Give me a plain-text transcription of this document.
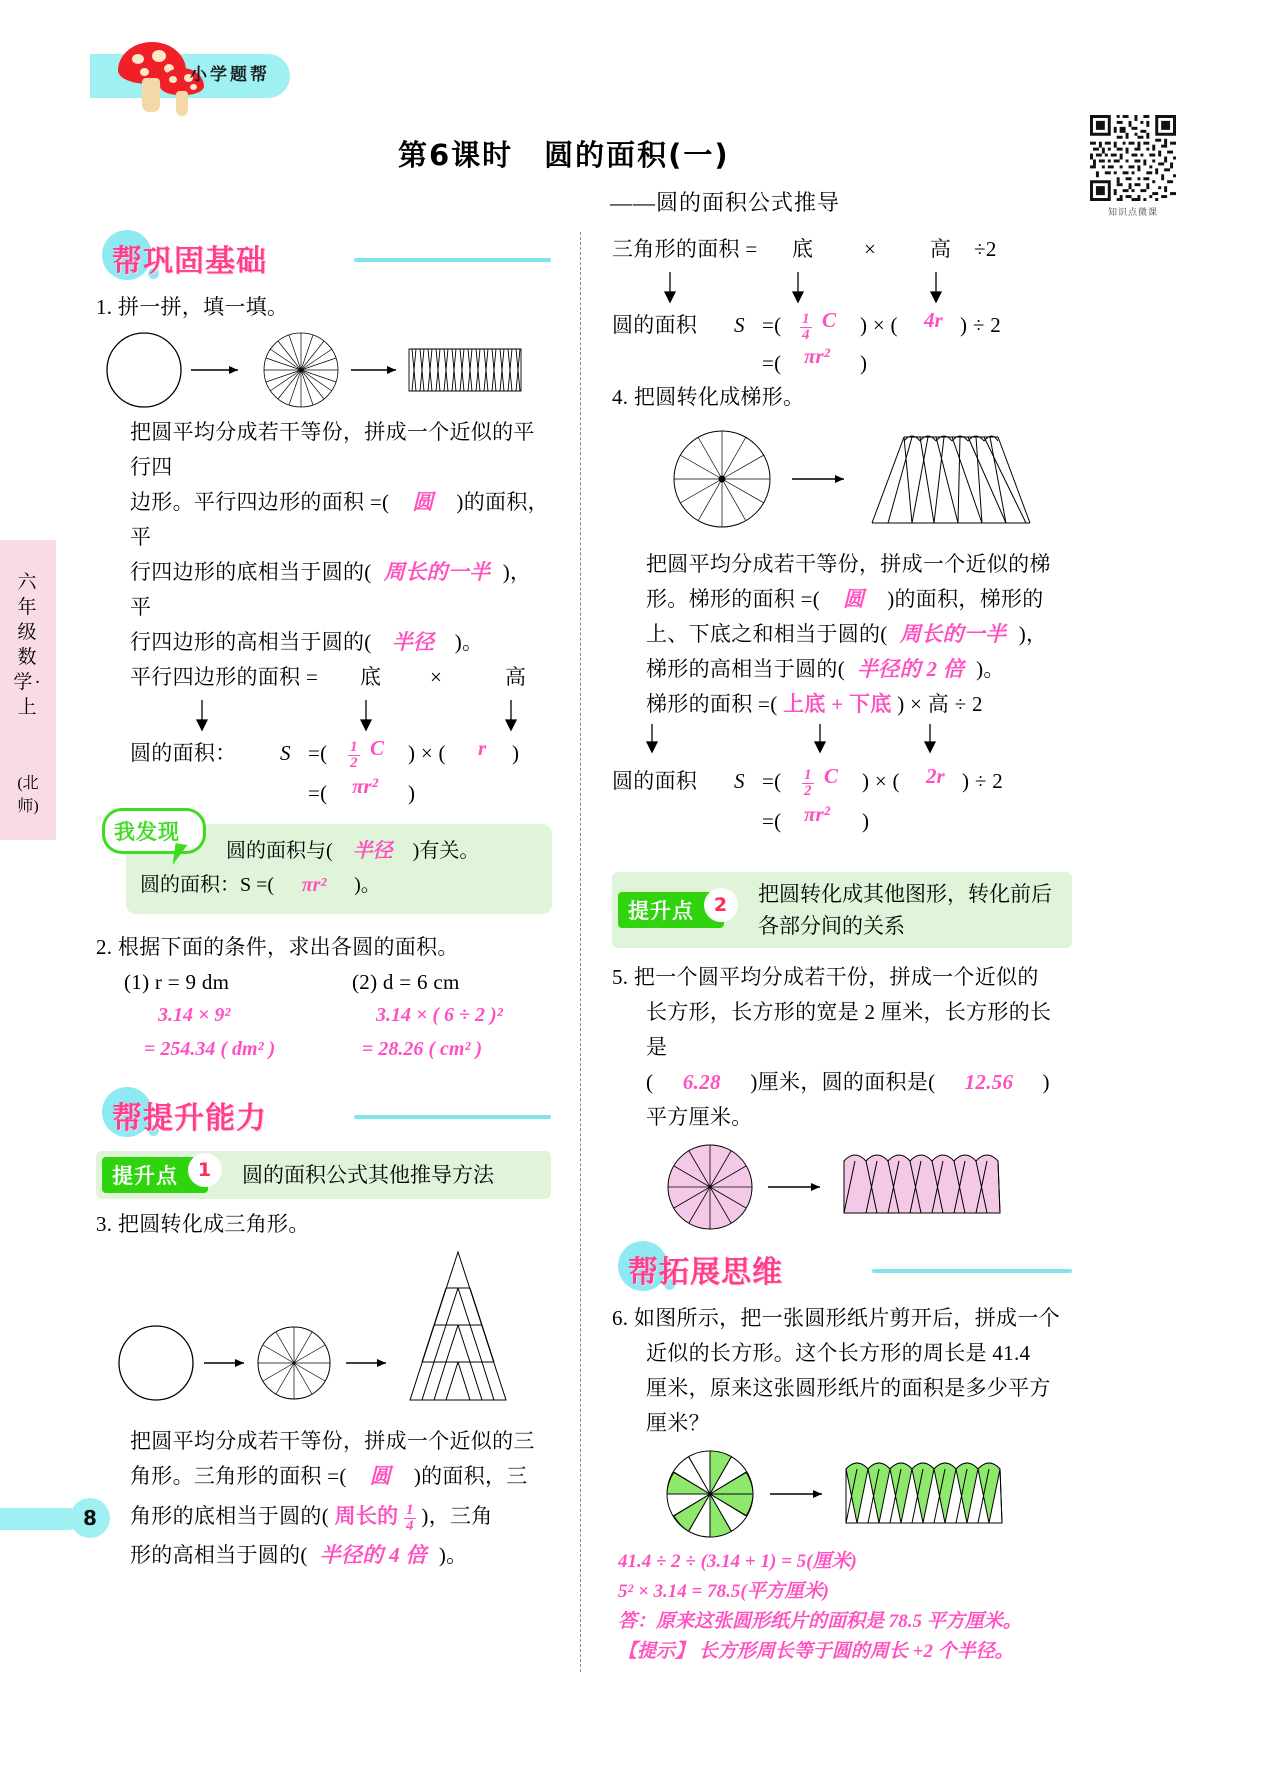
小学题帮
知识点微课
第6课时　圆的面积(一)
——圆的面积公式推导
六年级数学·上
(北师)
帮巩固基础
1. 拼一拼，填一填。
把圆平均分成若干等份，拼成一个近似的平行四
边形。平行四边形的面积 =( 圆 )的面积，平
行四边形的底相当于圆的( 周长的一半 )，平
行四边形的高相当于圆的( 半径 )。
平行四边形的面积 = 底 ×	高
圆的面积： S =( $\frac{1}{2}$ C ) × ( r )
=( πr² )
我发现
圆的面积与( 半径 )有关。
圆的面积：S =( πr² )。
2. 根据下面的条件，求出各圆的面积。
(1) r = 9 dm	(2) d = 6 cm
3.14 × 9²
= 254.34 ( dm² )
3.14 × ( 6 ÷ 2 )²
= 28.26 ( cm² )
帮提升能力
提升点	1	圆的面积公式其他推导方法
3. 把圆转化成三角形。
把圆平均分成若干等份，拼成一个近似的三
角形。三角形的面积 =( 圆 )的面积，三
角形的底相当于圆的( 周长的 $\frac{1}{4}$ )，三角
形的高相当于圆的( 半径的 4 倍 )。
三角形的面积 = 底 ×	高 ÷2
圆的面积 S =( $\frac{1}{4}$ C ) × ( 4r ) ÷ 2
=( πr² )
4. 把圆转化成梯形。
把圆平均分成若干等份，拼成一个近似的梯
形。梯形的面积 =( 圆 )的面积，梯形的
上、下底之和相当于圆的( 周长的一半 )，
梯形的高相当于圆的( 半径的 2 倍 )。
梯形的面积 =( 上底 + 下底 ) × 高 ÷ 2
圆的面积 S =( $\frac{1}{2}$ C ) × ( 2r ) ÷ 2
=( πr² )
提升点	2	把圆转化成其他图形，转化前后各部分间的关系
5. 把一个圆平均分成若干份，拼成一个近似的
长方形，长方形的宽是 2 厘米，长方形的长是
( 6.28 )厘米，圆的面积是( 12.56 )
平方厘米。
帮拓展思维
6. 如图所示，把一张圆形纸片剪开后，拼成一个
近似的长方形。这个长方形的周长是 41.4
厘米，原来这张圆形纸片的面积是多少平方
厘米？
41.4 ÷ 2 ÷ (3.14 + 1) = 5(厘米)
5² × 3.14 = 78.5(平方厘米)
答：原来这张圆形纸片的面积是 78.5 平方厘米。
【提示】 长方形周长等于圆的周长 +2 个半径。
8
